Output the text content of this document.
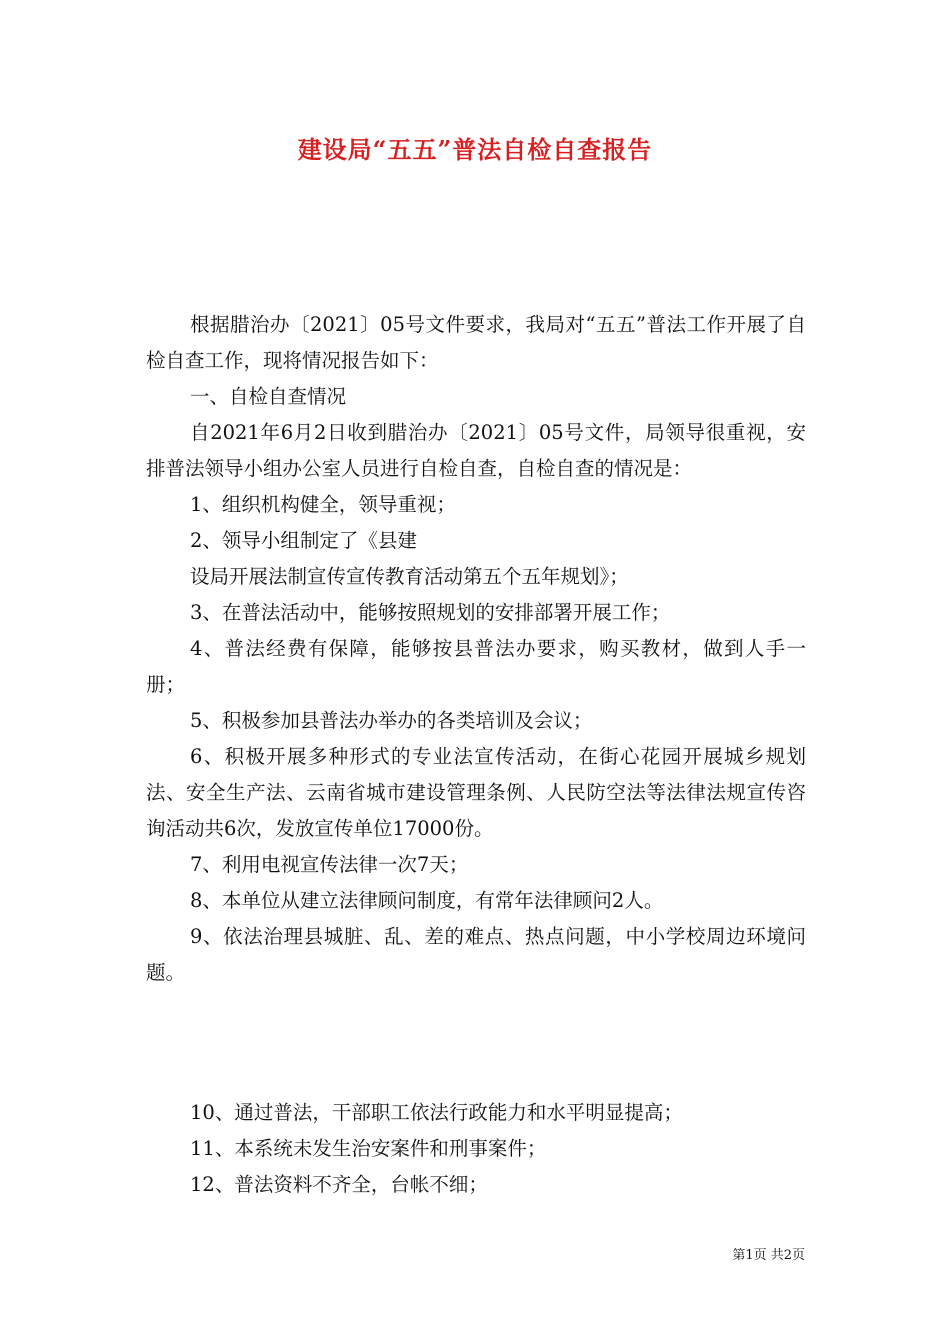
建设局“五五”普法自检自查报告

根据腊治办〔2021〕05号文件要求，我局对“五五”普法工作开展了自检自查工作，现将情况报告如下：

一、自检自查情况

自2021年6月2日收到腊治办〔2021〕05号文件，局领导很重视，安排普法领导小组办公室人员进行自检自查，自检自查的情况是：

1、组织机构健全，领导重视；

2、领导小组制定了《县建

设局开展法制宣传宣传教育活动第五个五年规划》；

3、在普法活动中，能够按照规划的安排部署开展工作；

4、普法经费有保障，能够按县普法办要求，购买教材，做到人手一册；

5、积极参加县普法办举办的各类培训及会议；

6、积极开展多种形式的专业法宣传活动，在街心花园开展城乡规划法、安全生产法、云南省城市建设管理条例、人民防空法等法律法规宣传咨询活动共6次，发放宣传单位17000份。

7、利用电视宣传法律一次7天；

8、本单位从建立法律顾问制度，有常年法律顾问2人。

9、依法治理县城脏、乱、差的难点、热点问题，中小学校周边环境问题。

10、通过普法，干部职工依法行政能力和水平明显提高；

11、本系统未发生治安案件和刑事案件；

12、普法资料不齐全，台帐不细；

第1页 共2页
